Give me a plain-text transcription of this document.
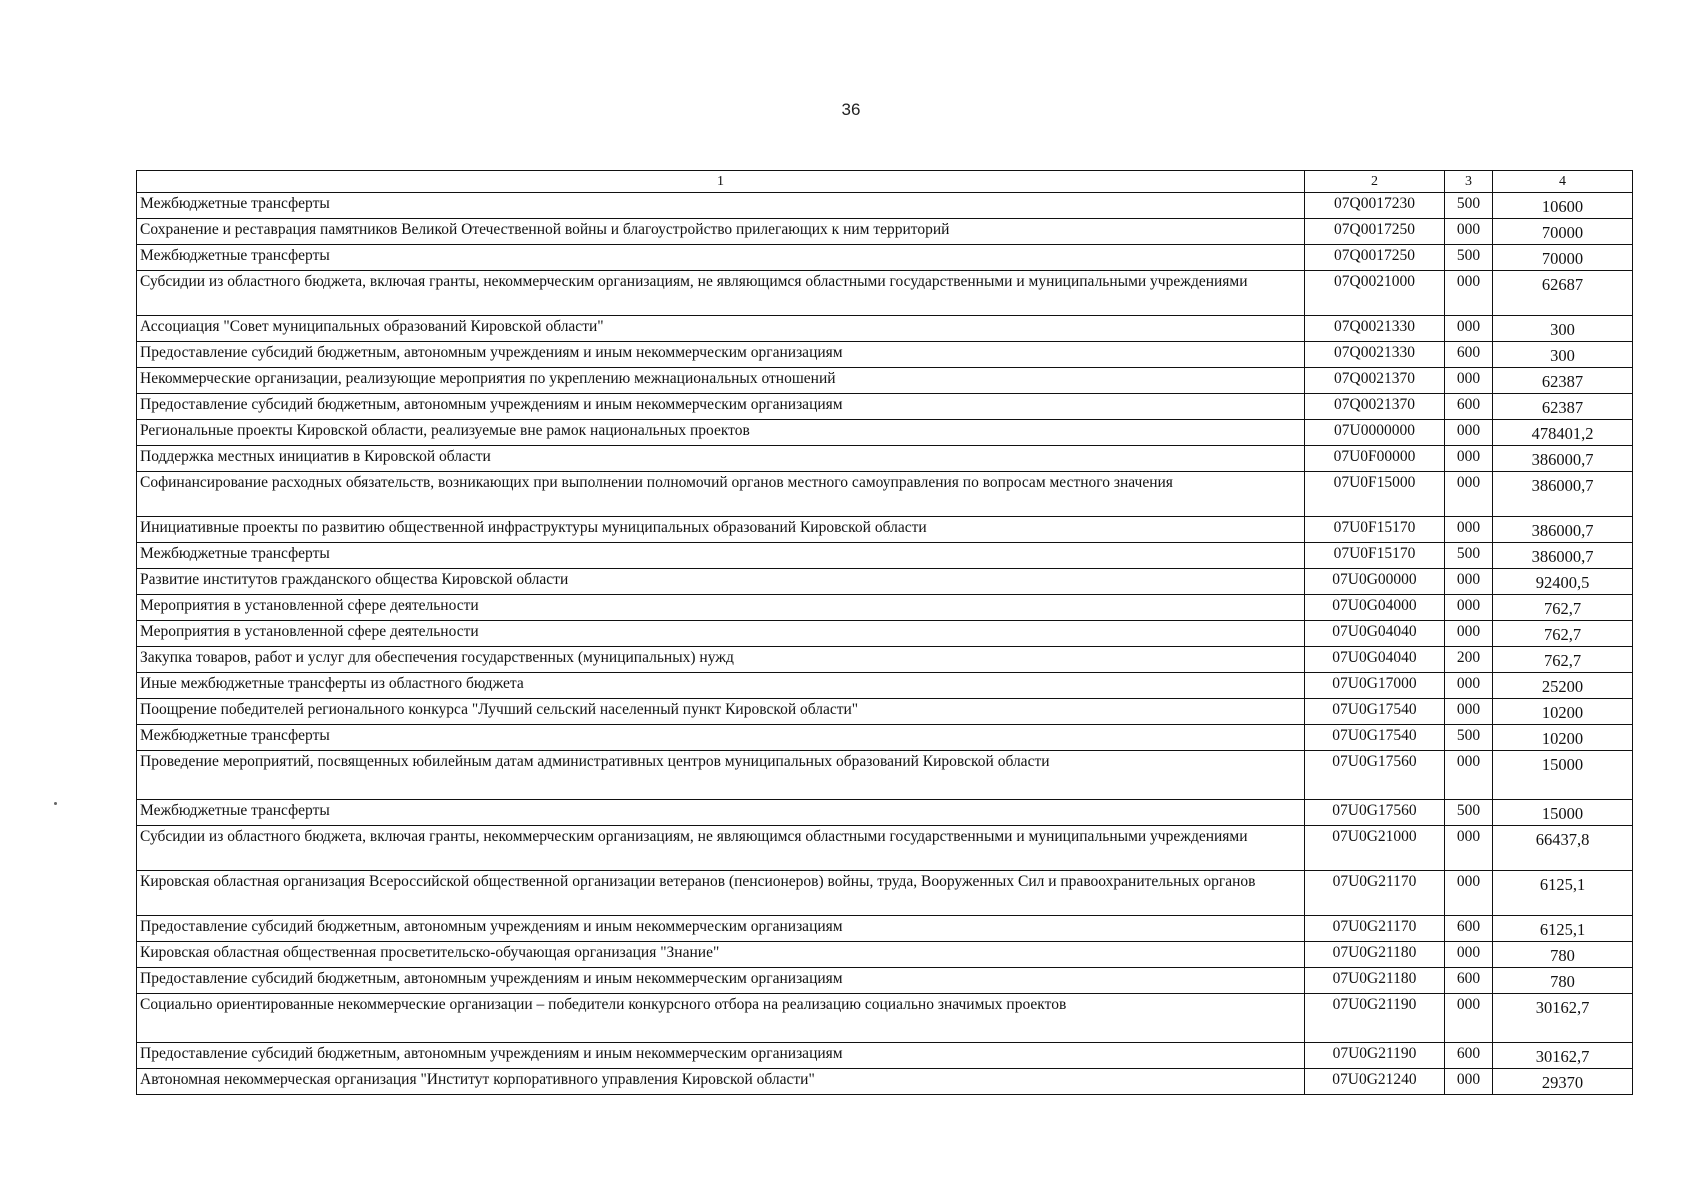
36
1	2	3	4
Межбюджетные трансферты	07Q0017230	500	10600
Сохранение и реставрация памятников Великой Отечественной войны и благоустройство прилегающих к ним территорий	07Q0017250	000	70000
Межбюджетные трансферты	07Q0017250	500	70000
Субсидии из областного бюджета, включая гранты, некоммерческим организациям, не являющимся областными государственными и муниципальными учреждениями	07Q0021000	000	62687
Ассоциация "Совет муниципальных образований Кировской области"	07Q0021330	000	300
Предоставление субсидий бюджетным, автономным учреждениям и иным некоммерческим организациям	07Q0021330	600	300
Некоммерческие организации, реализующие мероприятия по укреплению межнациональных отношений	07Q0021370	000	62387
Предоставление субсидий бюджетным, автономным учреждениям и иным некоммерческим организациям	07Q0021370	600	62387
Региональные проекты Кировской области, реализуемые вне рамок национальных проектов	07U0000000	000	478401,2
Поддержка местных инициатив в Кировской области	07U0F00000	000	386000,7
Софинансирование расходных обязательств, возникающих при выполнении полномочий органов местного самоуправления по вопросам местного значения	07U0F15000	000	386000,7
Инициативные проекты по развитию общественной инфраструктуры муниципальных образований Кировской области	07U0F15170	000	386000,7
Межбюджетные трансферты	07U0F15170	500	386000,7
Развитие институтов гражданского общества Кировской области	07U0G00000	000	92400,5
Мероприятия в установленной сфере деятельности	07U0G04000	000	762,7
Мероприятия в установленной сфере деятельности	07U0G04040	000	762,7
Закупка товаров, работ и услуг для обеспечения государственных (муниципальных) нужд	07U0G04040	200	762,7
Иные межбюджетные трансферты из областного бюджета	07U0G17000	000	25200
Поощрение победителей регионального конкурса "Лучший сельский населенный пункт Кировской области"	07U0G17540	000	10200
Межбюджетные трансферты	07U0G17540	500	10200
Проведение мероприятий, посвященных юбилейным датам административных центров муниципальных образований Кировской области	07U0G17560	000	15000
Межбюджетные трансферты	07U0G17560	500	15000
Субсидии из областного бюджета, включая гранты, некоммерческим организациям, не являющимся областными государственными и муниципальными учреждениями	07U0G21000	000	66437,8
Кировская областная организация Всероссийской общественной организации ветеранов (пенсионеров) войны, труда, Вооруженных Сил и правоохранительных органов	07U0G21170	000	6125,1
Предоставление субсидий бюджетным, автономным учреждениям и иным некоммерческим организациям	07U0G21170	600	6125,1
Кировская областная общественная просветительско-обучающая организация "Знание"	07U0G21180	000	780
Предоставление субсидий бюджетным, автономным учреждениям и иным некоммерческим организациям	07U0G21180	600	780
Социально ориентированные некоммерческие организации – победители конкурсного отбора на реализацию социально значимых проектов	07U0G21190	000	30162,7
Предоставление субсидий бюджетным, автономным учреждениям и иным некоммерческим организациям	07U0G21190	600	30162,7
Автономная некоммерческая организация "Институт корпоративного управления Кировской области"	07U0G21240	000	29370
